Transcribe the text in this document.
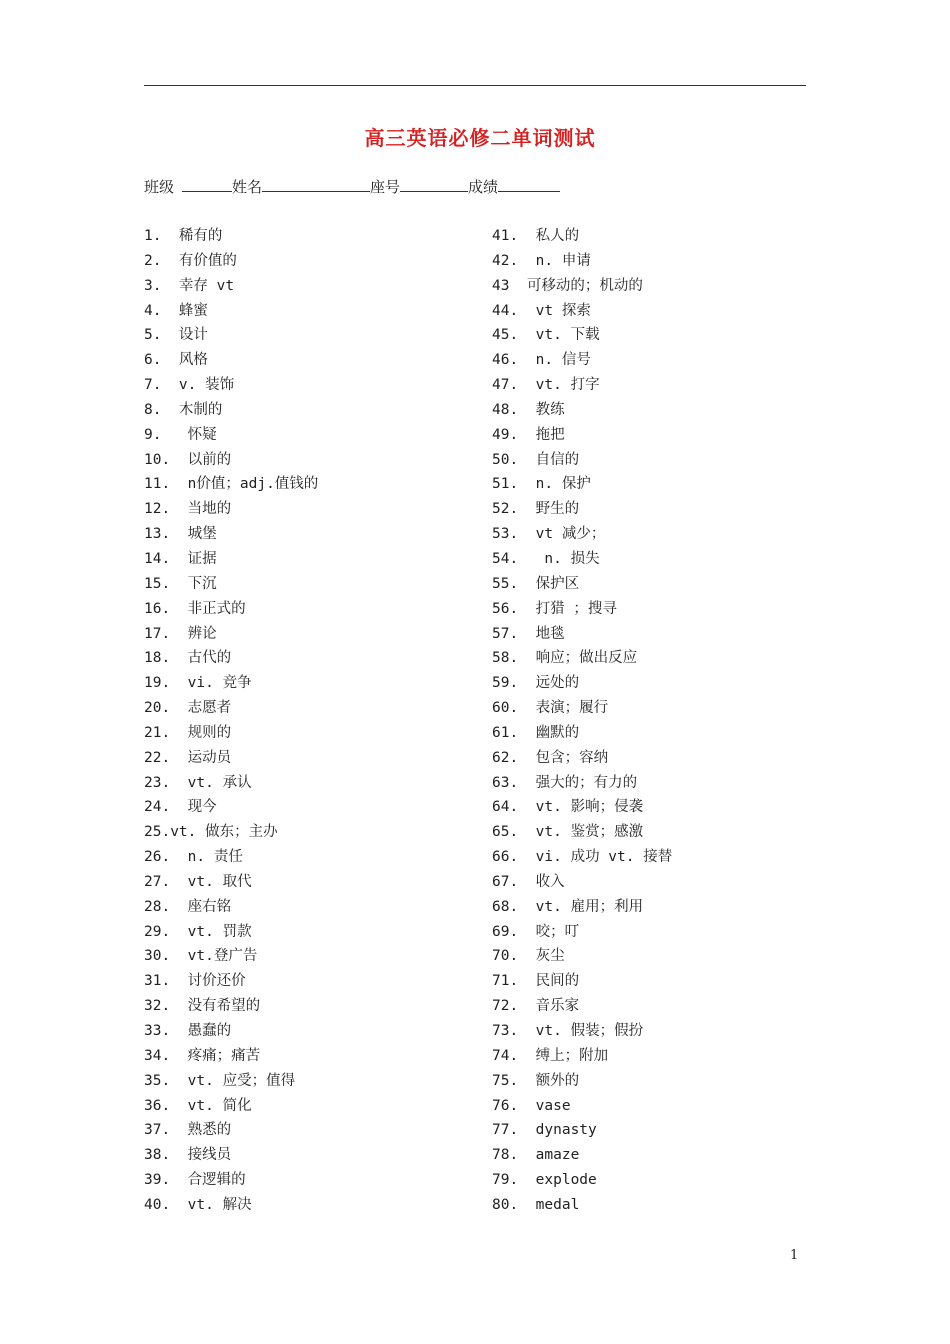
高三英语必修二单词测试
班级	姓名	座号	成绩
1.  稀有的
2.  有价值的
3.  幸存 vt
4.  蜂蜜
5.  设计
6.  风格
7.  v. 装饰
8.  木制的
9.   怀疑
10.  以前的
11.  n价值；adj.值钱的
12.  当地的
13.  城堡
14.  证据
15.  下沉
16.  非正式的
17.  辨论
18.  古代的
19.  vi. 竞争
20.  志愿者
21.  规则的
22.  运动员
23.  vt. 承认
24.  现今
25.vt. 做东；主办
26.  n. 责任
27.  vt. 取代
28.  座右铭
29.  vt. 罚款
30.  vt.登广告
31.  讨价还价
32.  没有希望的
33.  愚蠢的
34.  疼痛；痛苦
35.  vt. 应受；值得
36.  vt. 简化
37.  熟悉的
38.  接线员
39.  合逻辑的
40.  vt. 解决
41.  私人的
42.  n. 申请
43  可移动的；机动的
44.  vt 探索
45.  vt. 下载
46.  n. 信号
47.  vt. 打字
48.  教练
49.  拖把
50.  自信的
51.  n. 保护
52.  野生的
53.  vt 减少；
54.   n. 损失
55.  保护区
56.  打猎 ；搜寻
57.  地毯
58.  响应；做出反应
59.  远处的
60.  表演；履行
61.  幽默的
62.  包含；容纳
63.  强大的；有力的
64.  vt. 影响；侵袭
65.  vt. 鉴赏；感激
66.  vi. 成功 vt. 接替
67.  收入
68.  vt. 雇用；利用
69.  咬；叮
70.  灰尘
71.  民间的
72.  音乐家
73.  vt. 假装；假扮
74.  缚上；附加
75.  额外的
76.  vase
77.  dynasty
78.  amaze
79.  explode
80.  medal
1
